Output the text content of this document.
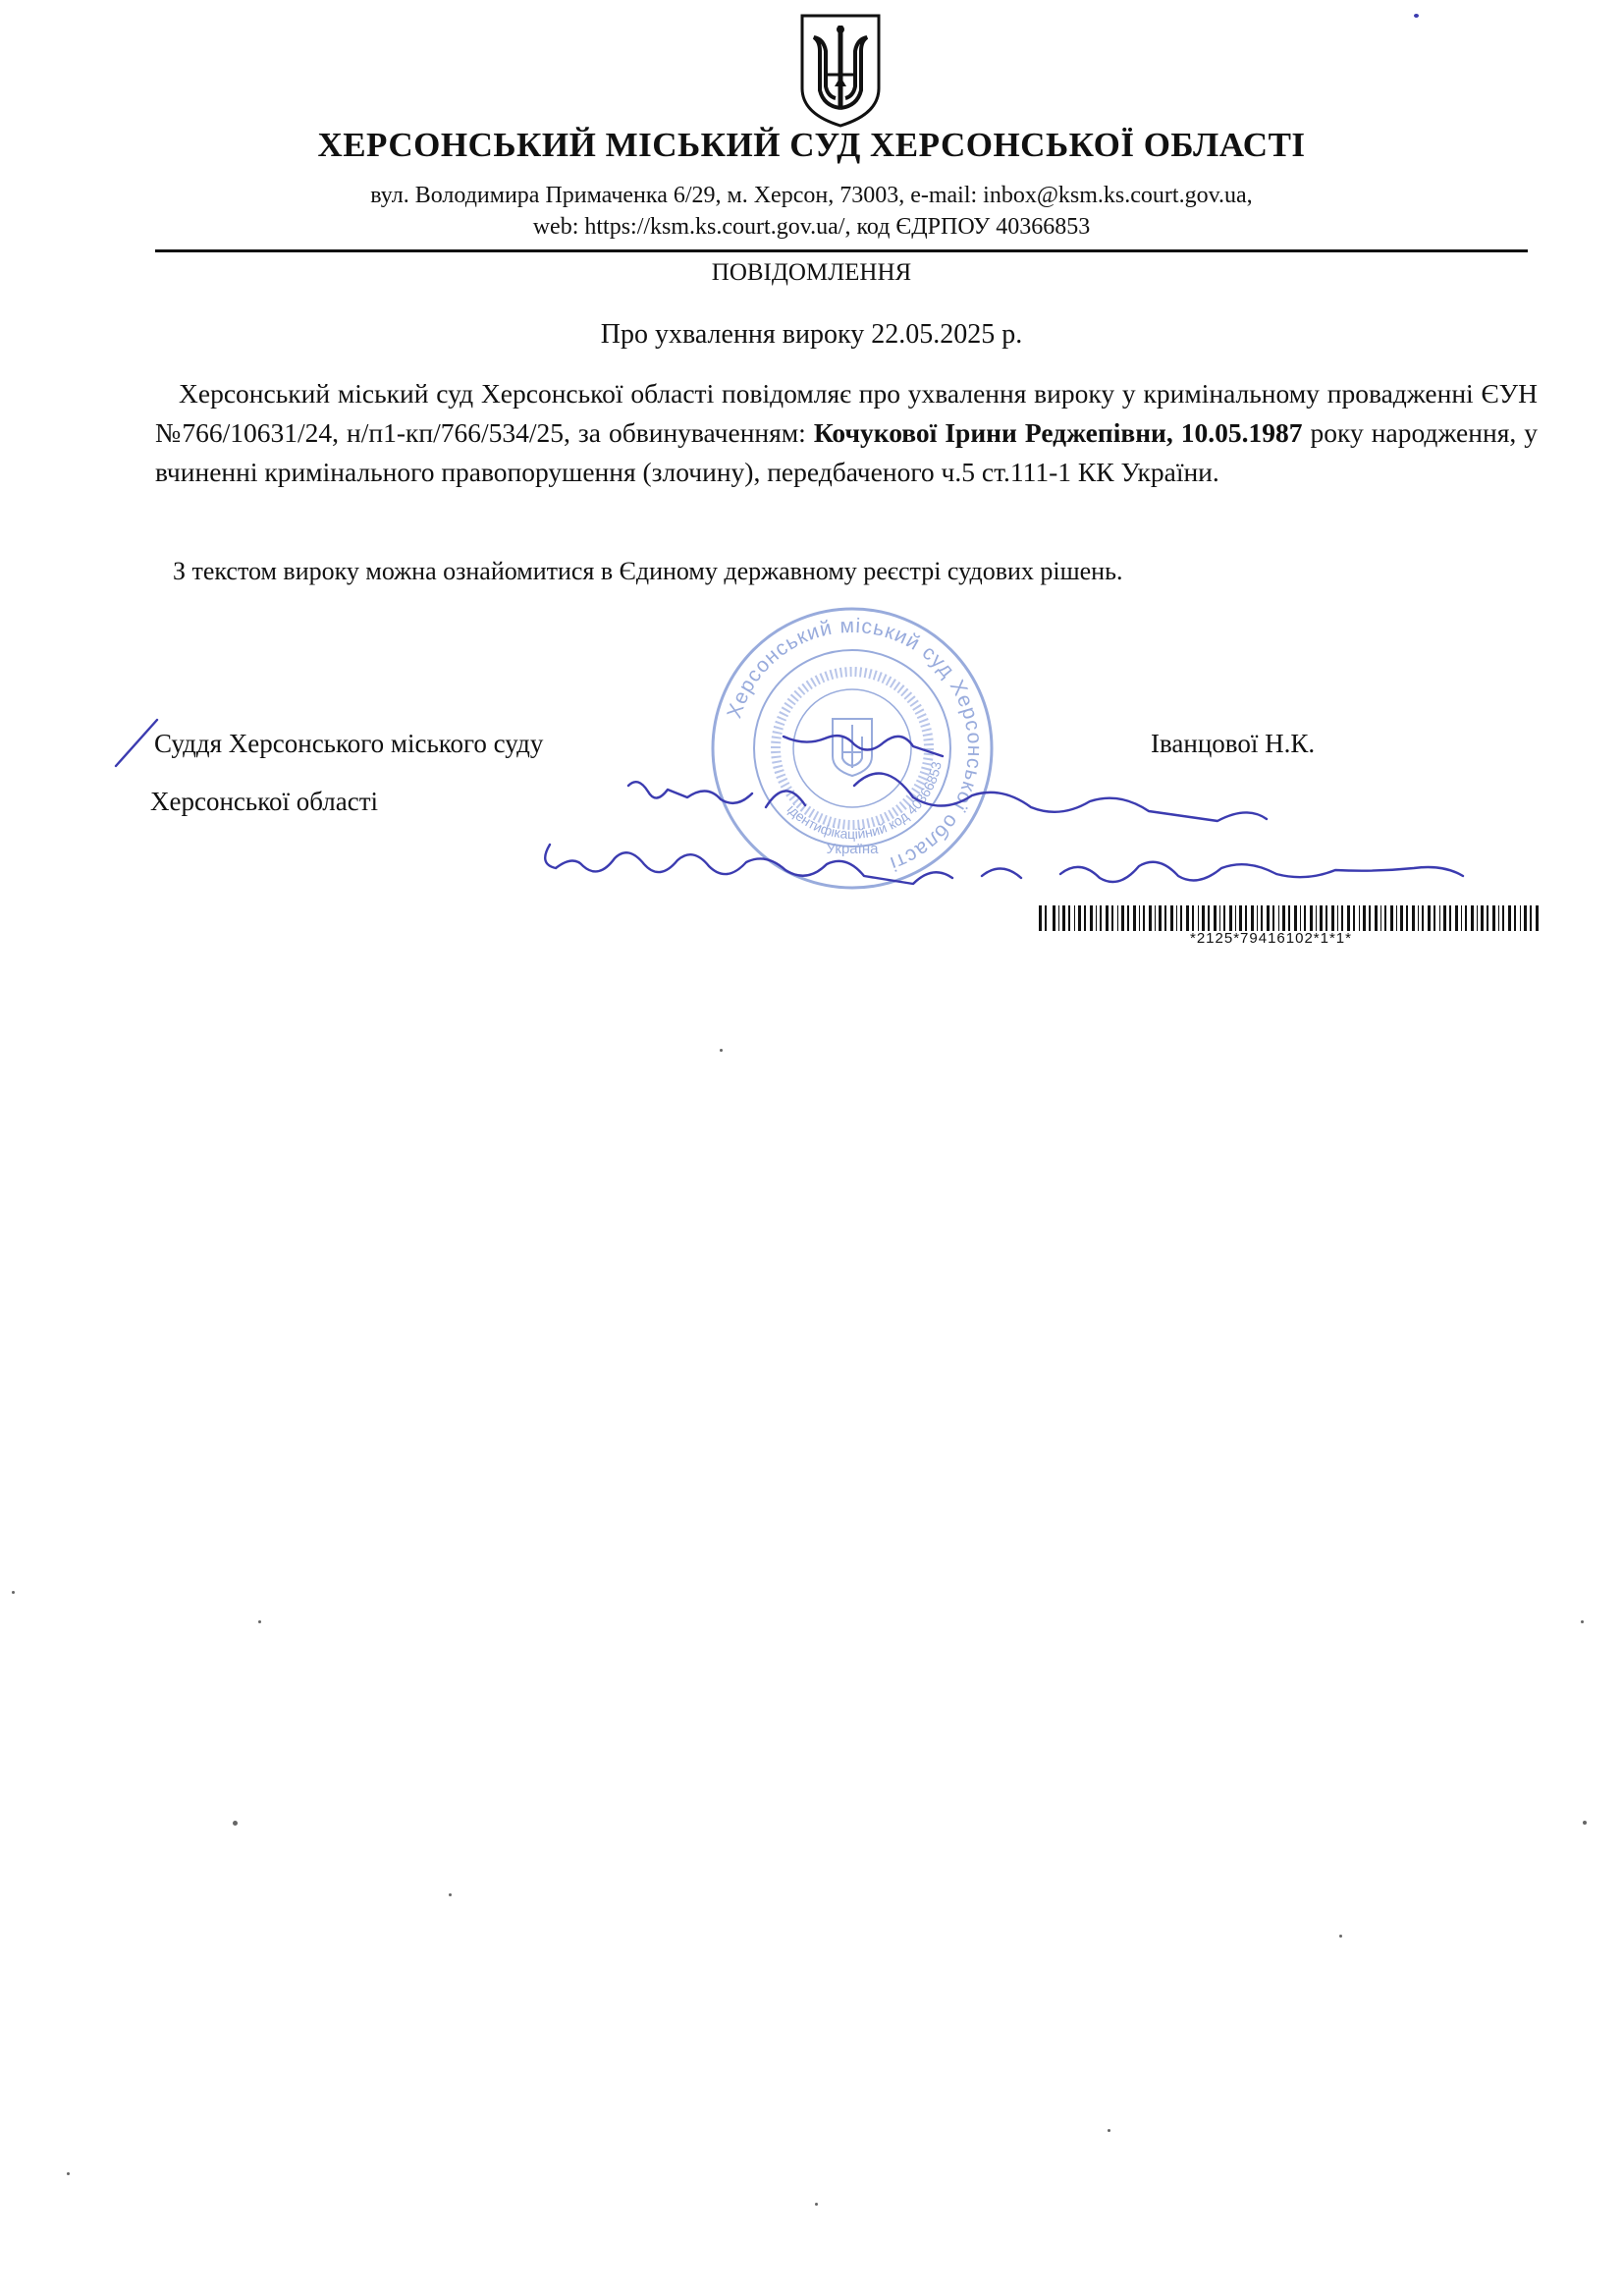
ХЕРСОНСЬКИЙ МІСЬКИЙ СУД ХЕРСОНСЬКОЇ ОБЛАСТІ
вул. Володимира Примаченка 6/29, м. Херсон, 73003, e-mail: inbox@ksm.ks.court.gov.ua,
web: https://ksm.ks.court.gov.ua/, код ЄДРПОУ 40366853
ПОВІДОМЛЕННЯ
Про ухвалення вироку 22.05.2025 р.

Херсонський міський суд Херсонської області повідомляє про ухвалення вироку у кримінальному провадженні ЄУН №766/10631/24, н/п1-кп/766/534/25, за обвинуваченням: Кочукової Ірини Реджепівни, 10.05.1987 року народження, у вчиненні кримінального правопорушення (злочину), передбаченого ч.5 ст.111-1 КК України.

З текстом вироку можна ознайомитися в Єдиному державному реєстрі судових рішень.

Херсонський міський суд Херсонської області
ідентифікаційний код 40366853
Україна
Суддя Херсонського міського суду
Херсонської області
Іванцової Н.К.
*2125*79416102*1*1*
